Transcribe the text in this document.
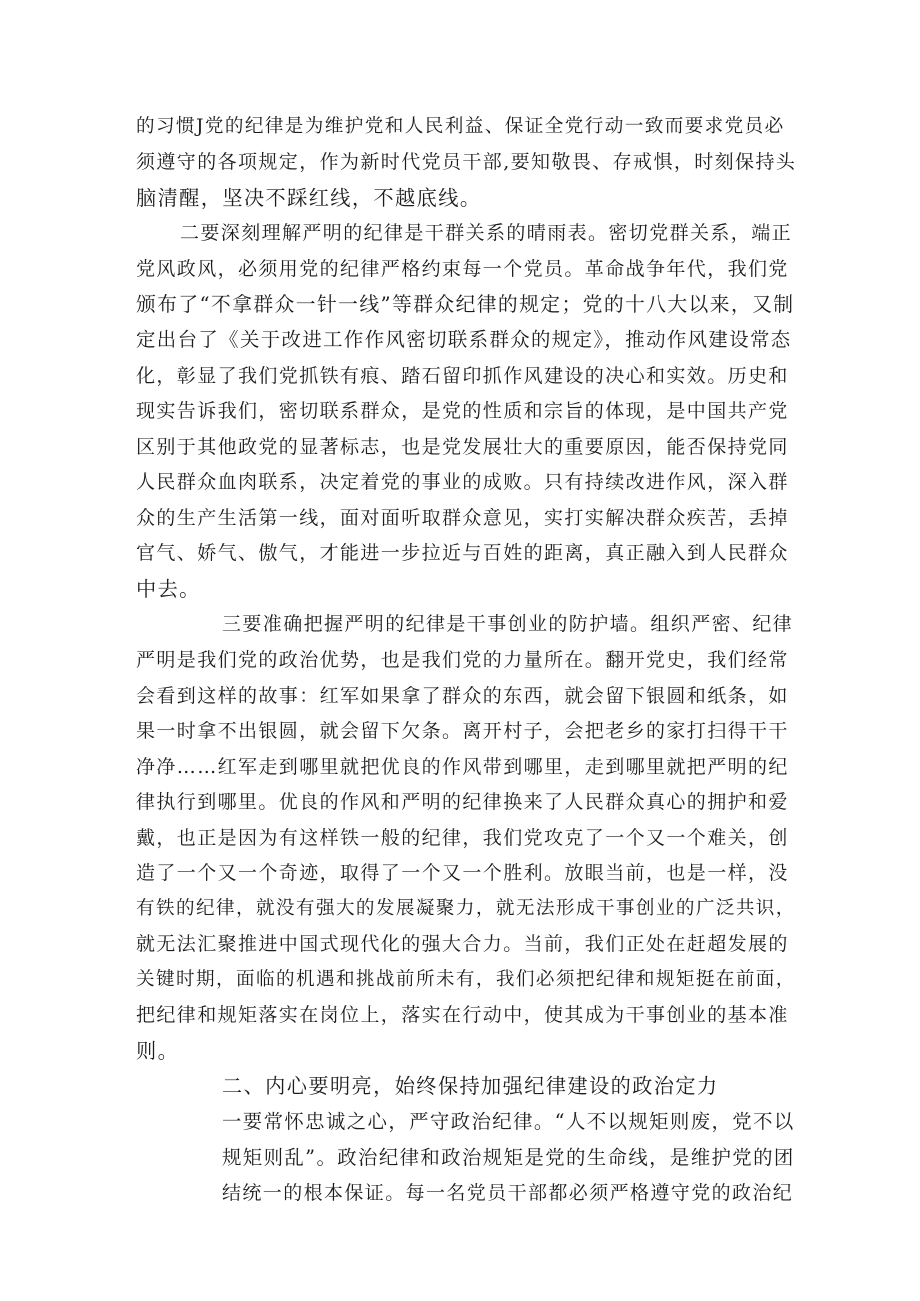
的习惯J党的纪律是为维护党和人民利益、保证全党行动一致而要求党员必

须遵守的各项规定，作为新时代党员干部,要知敬畏、存戒惧，时刻保持头

脑清醒，坚决不踩红线，不越底线。

二要深刻理解严明的纪律是干群关系的晴雨表。密切党群关系，端正

党风政风，必须用党的纪律严格约束每一个党员。革命战争年代，我们党

颁布了“不拿群众一针一线”等群众纪律的规定；党的十八大以来，又制

定出台了《关于改进工作作风密切联系群众的规定》，推动作风建设常态

化，彰显了我们党抓铁有痕、踏石留印抓作风建设的决心和实效。历史和

现实告诉我们，密切联系群众，是党的性质和宗旨的体现，是中国共产党

区别于其他政党的显著标志，也是党发展壮大的重要原因，能否保持党同

人民群众血肉联系，决定着党的事业的成败。只有持续改进作风，深入群

众的生产生活第一线，面对面听取群众意见，实打实解决群众疾苦，丢掉

官气、娇气、傲气，才能进一步拉近与百姓的距离，真正融入到人民群众

中去。

三要准确把握严明的纪律是干事创业的防护墙。组织严密、纪律

严明是我们党的政治优势，也是我们党的力量所在。翻开党史，我们经常

会看到这样的故事：红军如果拿了群众的东西，就会留下银圆和纸条，如

果一时拿不出银圆，就会留下欠条。离开村子，会把老乡的家打扫得干干

净净……红军走到哪里就把优良的作风带到哪里，走到哪里就把严明的纪

律执行到哪里。优良的作风和严明的纪律换来了人民群众真心的拥护和爱

戴，也正是因为有这样铁一般的纪律，我们党攻克了一个又一个难关，创

造了一个又一个奇迹，取得了一个又一个胜利。放眼当前，也是一样，没

有铁的纪律，就没有强大的发展凝聚力，就无法形成干事创业的广泛共识，

就无法汇聚推进中国式现代化的强大合力。当前，我们正处在赶超发展的

关键时期，面临的机遇和挑战前所未有，我们必须把纪律和规矩挺在前面，

把纪律和规矩落实在岗位上，落实在行动中，使其成为干事创业的基本准

则。

二、内心要明亮，始终保持加强纪律建设的政治定力

一要常怀忠诚之心，严守政治纪律。“人不以规矩则废，党不以

规矩则乱”。政治纪律和政治规矩是党的生命线，是维护党的团

结统一的根本保证。每一名党员干部都必须严格遵守党的政治纪
